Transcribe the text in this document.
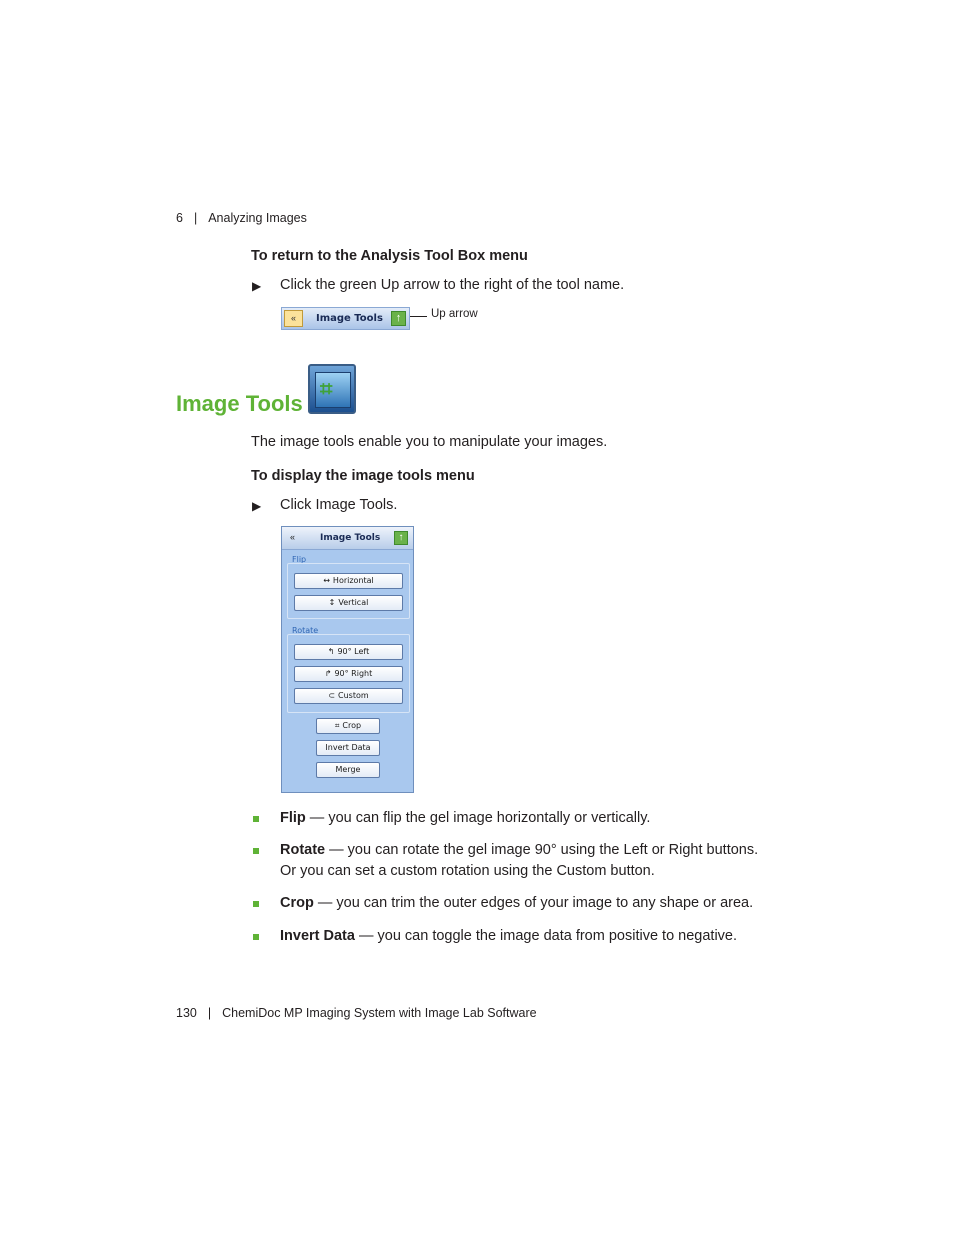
6 | Analyzing Images
To return to the Analysis Tool Box menu
▶ Click the green Up arrow to the right of the tool name.
«	Image Tools	↑	Up arrow
Image Tools
⌗
The image tools enable you to manipulate your images.
To display the image tools menu
▶ Click Image Tools.
«	Image Tools	↑
Flip
↔ Horizontal
↕ Vertical
Rotate
↰ 90° Left
↱ 90° Right
⊂ Custom
⌗ Crop
Invert Data
Merge
Flip — you can flip the gel image horizontally or vertically.
Rotate — you can rotate the gel image 90° using the Left or Right buttons.
Or you can set a custom rotation using the Custom button.
Crop — you can trim the outer edges of your image to any shape or area.
Invert Data — you can toggle the image data from positive to negative.
130 | ChemiDoc MP Imaging System with Image Lab Software
